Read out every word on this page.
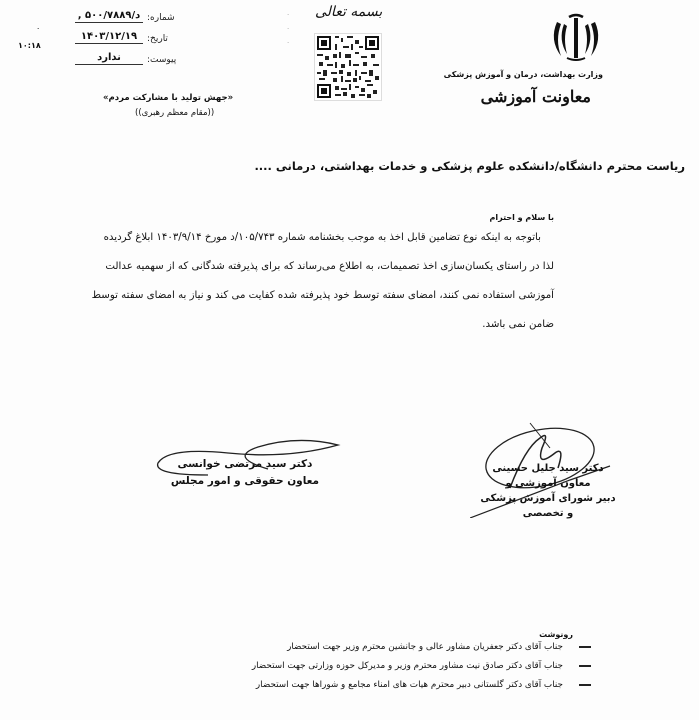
وزارت بهداشت، درمان و آموزش پزشکی
معاونت آموزشی
بسمه تعالی
·
·
·
شماره:
د/۵۰۰/۷۸۸۹ ,
تاریخ:
۱۴۰۳/۱۲/۱۹
پیوست:
ندارد
۰
۱۰:۱۸
«جهش تولید با مشارکت مردم»
((مقام معظم رهبری))
ریاست محترم دانشگاه/دانشکده علوم پزشکی و خدمات بهداشتی، درمانی ....
با سلام و احترام
باتوجه به اینکه نوع تضامین قابل اخذ به موجب بخشنامه شماره ۱۰۵/۷۴۳/د مورخ ۱۴۰۳/۹/۱۴ ابلاغ گردیده
لذا در راستای یکسان‌سازی اخذ تصمیمات، به اطلاع می‌رساند که برای پذیرفته شدگانی که از سهمیه عدالت
آموزشی استفاده نمی کنند، امضای سفته توسط خود پذیرفته شده کفایت می کند و نیاز به امضای سفته توسط
ضامن نمی باشد.
دکتر سید جلیل حسینی
معاون آموزشی و
دبیر شورای آموزش پزشکی و تخصصی
دکتر سید مرتضی خوانسی
معاون حقوقی و امور مجلس
رونوشت
جناب آقای دکتر جعفریان مشاور عالی و جانشین محترم وزیر جهت استحضار
جناب آقای دکتر صادق نیت مشاور محترم وزیر و مدیرکل حوزه وزارتی جهت استحضار
جناب آقای دکتر گلستانی دبیر محترم هیات های امناء مجامع و شوراها جهت استحضار
